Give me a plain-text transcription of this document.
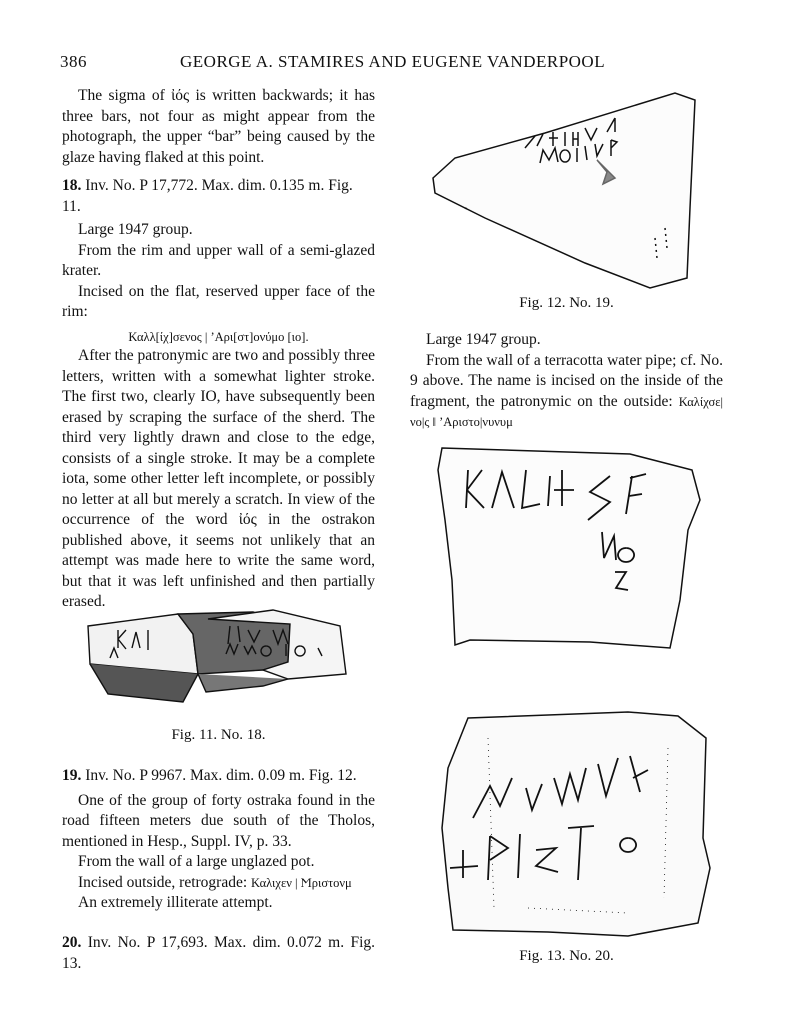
386	GEORGE A. STAMIRES AND EUGENE VANDERPOOL

The sigma of ἰός is written backwards; it has three bars, not four as might appear from the photograph, the upper “bar” being caused by the glaze having flaked at this point.

18. Inv. No. P 17,772. Max. dim. 0.135 m. Fig. 11.

Large 1947 group.

From the rim and upper wall of a semi-glazed krater.

Incised on the flat, reserved upper face of the rim:

Καλλ[ίχ]σενος | ’Αρι[στ]ονύμο [ιο].

After the patronymic are two and possibly three letters, written with a somewhat lighter stroke. The first two, clearly IO, have subsequently been erased by scraping the surface of the sherd. The third very lightly drawn and close to the edge, consists of a single stroke. It may be a complete iota, some other letter left incomplete, or possibly no letter at all but merely a scratch. In view of the occurrence of the word ἰός in the ostrakon published above, it seems not unlikely that an attempt was made here to write the same word, but that it was left unfinished and then partially erased.

Fig. 11. No. 18.

19. Inv. No. P 9967. Max. dim. 0.09 m. Fig. 12.

One of the group of forty ostraka found in the road fifteen meters due south of the Tholos, mentioned in Hesp., Suppl. IV, p. 33.

From the wall of a large unglazed pot.

Incised outside, retrograde: Καλιχεν | Ϻριστονμ

An extremely illiterate attempt.

20. Inv. No. P 17,693. Max. dim. 0.072 m. Fig. 13.

Fig. 12. No. 19.

Large 1947 group.

From the wall of a terracotta water pipe; cf. No. 9 above. The name is incised on the inside of the fragment, the patronymic on the outside: Καλίχσε|νο|ς ‖ ’Αριστο|νυνυμ

Fig. 13. No. 20.
